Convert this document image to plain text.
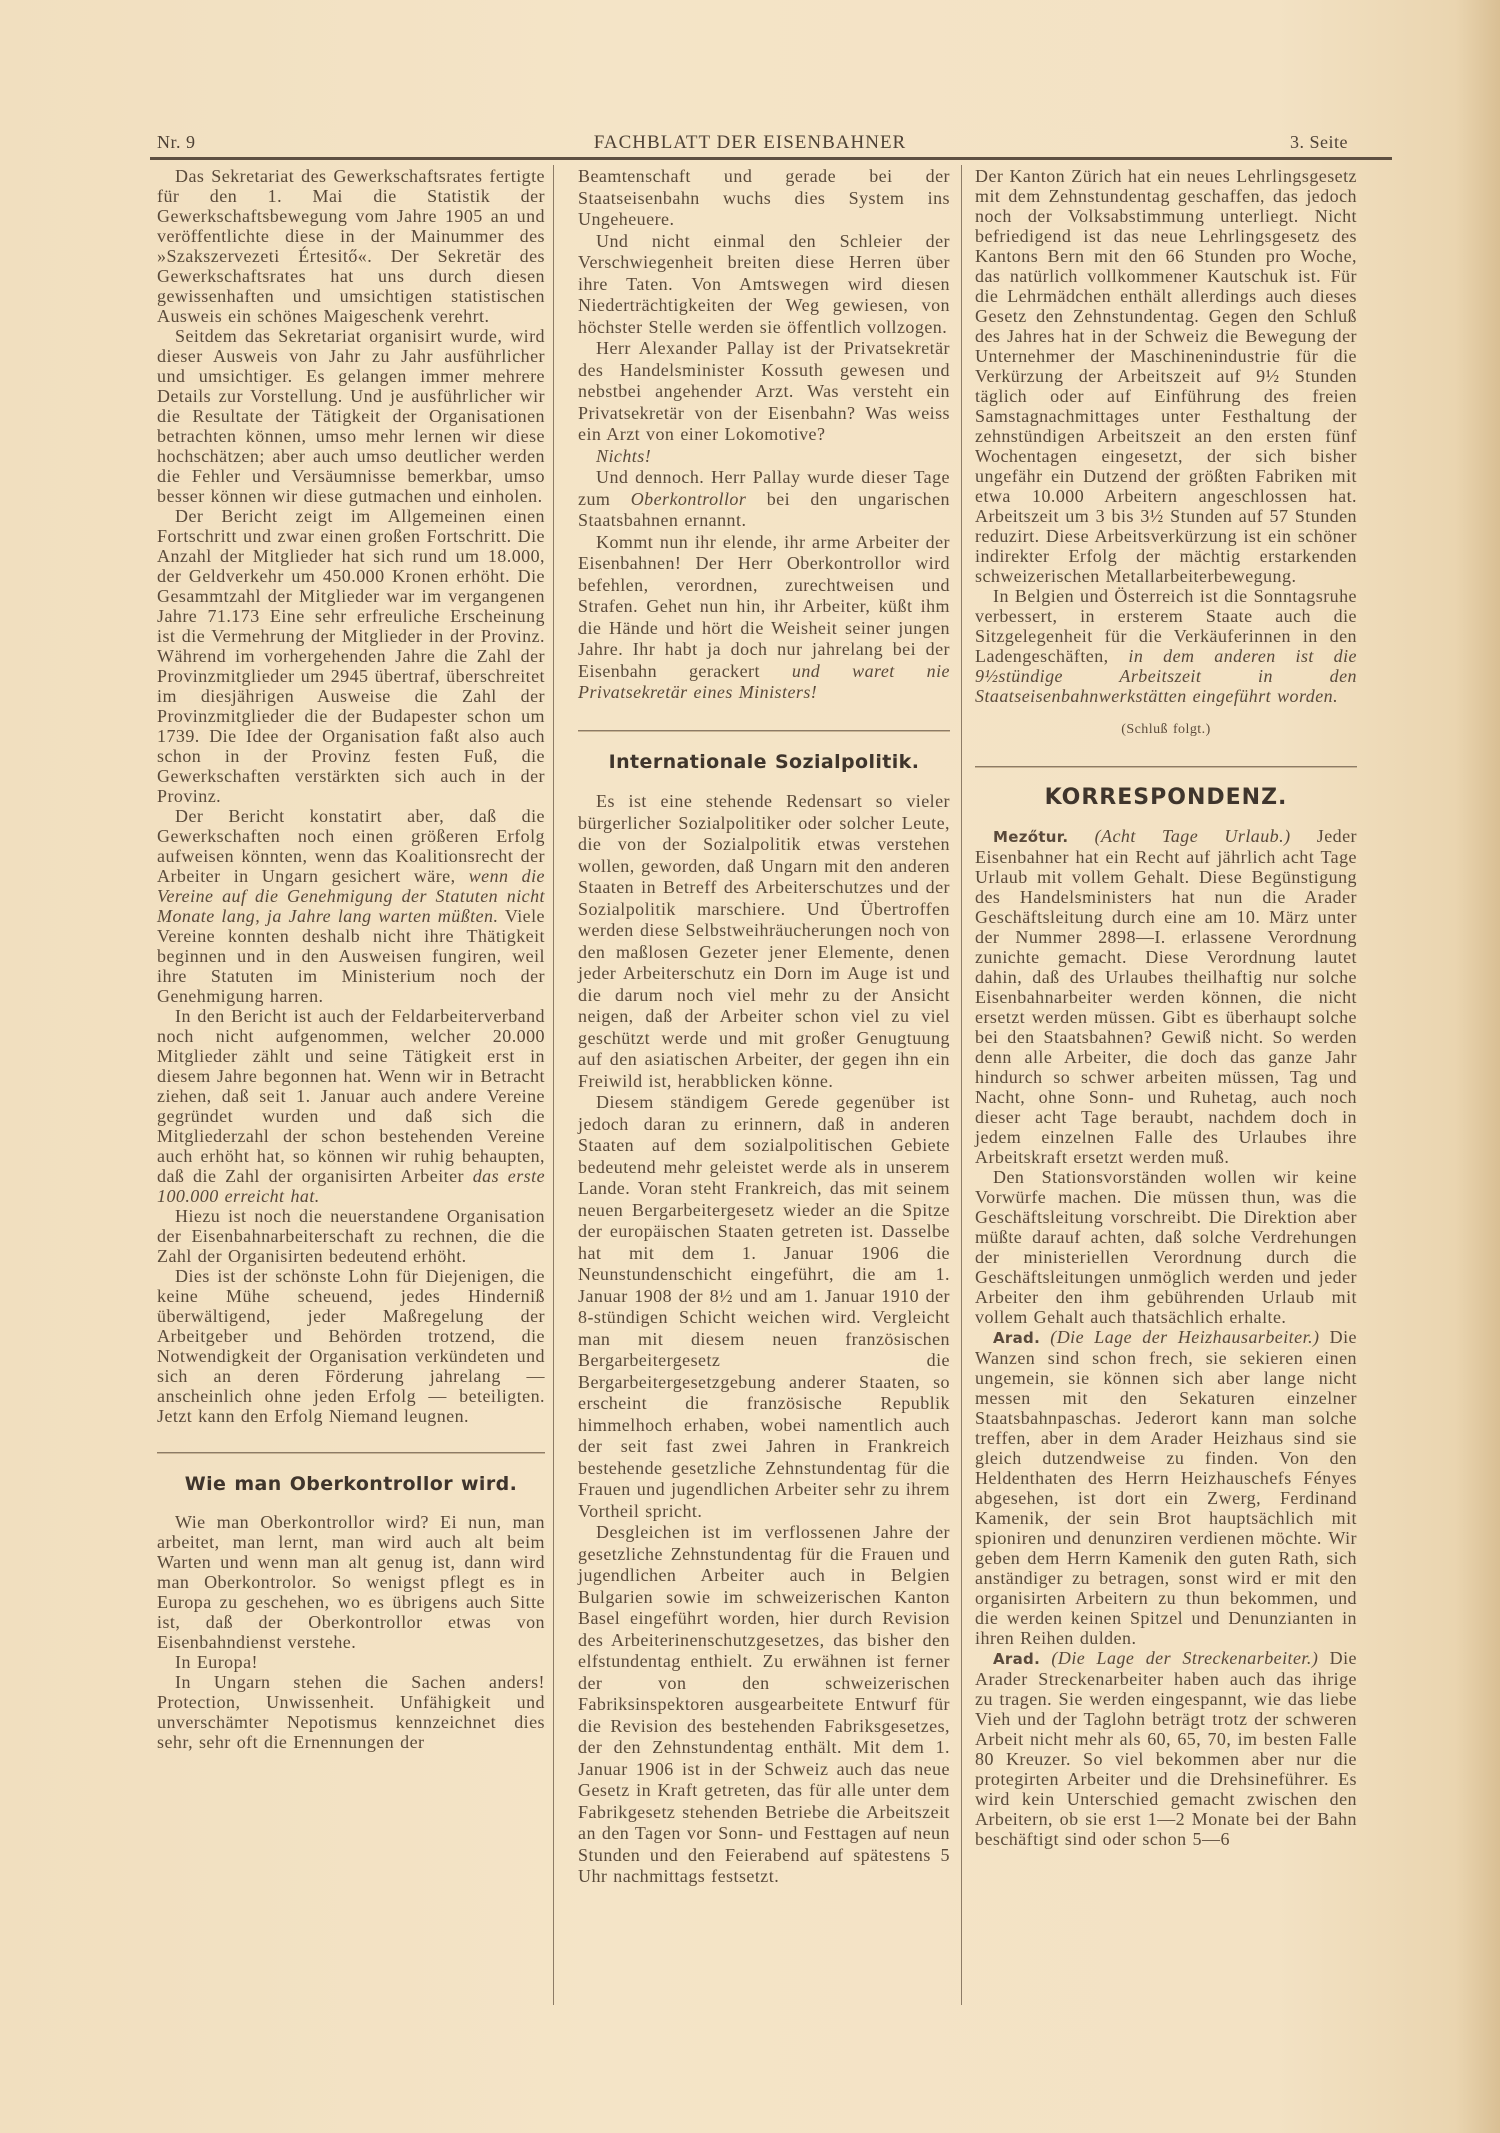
Nr. 9	FACHBLATT DER EISENBAHNER	3. Seite

Das Sekretariat des Gewerkschaftsrates fertigte für den 1. Mai die Statistik der Gewerkschaftsbewegung vom Jahre 1905 an und veröffentlichte diese in der Mainummer des »Szakszervezeti Értesitő«. Der Sekretär des Gewerkschaftsrates hat uns durch diesen gewissenhaften und umsichtigen statistischen Ausweis ein schönes Maigeschenk verehrt.

Seitdem das Sekretariat organisirt wurde, wird dieser Ausweis von Jahr zu Jahr ausführlicher und umsichtiger. Es gelangen immer mehrere Details zur Vorstellung. Und je ausführlicher wir die Resultate der Tätigkeit der Organisationen betrachten können, umso mehr lernen wir diese hochschätzen; aber auch umso deutlicher werden die Fehler und Versäumnisse bemerkbar, umso besser können wir diese gutmachen und einholen.

Der Bericht zeigt im Allgemeinen einen Fortschritt und zwar einen großen Fortschritt. Die Anzahl der Mitglieder hat sich rund um 18.000, der Geldverkehr um 450.000 Kronen erhöht. Die Gesammtzahl der Mitglieder war im vergangenen Jahre 71.173 Eine sehr erfreuliche Erscheinung ist die Vermehrung der Mitglieder in der Provinz. Während im vorhergehenden Jahre die Zahl der Provinzmitglieder um 2945 übertraf, überschreitet im diesjährigen Ausweise die Zahl der Provinzmitglieder die der Budapester schon um 1739. Die Idee der Organisation faßt also auch schon in der Provinz festen Fuß, die Gewerkschaften verstärkten sich auch in der Provinz.

Der Bericht konstatirt aber, daß die Gewerkschaften noch einen größeren Erfolg aufweisen könnten, wenn das Koalitionsrecht der Arbeiter in Ungarn gesichert wäre, wenn die Vereine auf die Genehmigung der Statuten nicht Monate lang, ja Jahre lang warten müßten. Viele Vereine konnten deshalb nicht ihre Thätigkeit beginnen und in den Ausweisen fungiren, weil ihre Statuten im Ministerium noch der Genehmigung harren.

In den Bericht ist auch der Feldarbeiterverband noch nicht aufgenommen, welcher 20.000 Mitglieder zählt und seine Tätigkeit erst in diesem Jahre begonnen hat. Wenn wir in Betracht ziehen, daß seit 1. Januar auch andere Vereine gegründet wurden und daß sich die Mitgliederzahl der schon bestehenden Vereine auch erhöht hat, so können wir ruhig behaupten, daß die Zahl der organisirten Arbeiter das erste 100.000 erreicht hat.

Hiezu ist noch die neuerstandene Organisation der Eisenbahnarbeiterschaft zu rechnen, die die Zahl der Organisirten bedeutend erhöht.

Dies ist der schönste Lohn für Diejenigen, die keine Mühe scheuend, jedes Hinderniß überwältigend, jeder Maßregelung der Arbeitgeber und Behörden trotzend, die Notwendigkeit der Organisation verkündeten und sich an deren Förderung jahrelang — anscheinlich ohne jeden Erfolg — beteiligten. Jetzt kann den Erfolg Niemand leugnen.

Wie man Oberkontrollor wird.

Wie man Oberkontrollor wird? Ei nun, man arbeitet, man lernt, man wird auch alt beim Warten und wenn man alt genug ist, dann wird man Oberkontrolor. So wenigst pflegt es in Europa zu geschehen, wo es übrigens auch Sitte ist, daß der Oberkontrollor etwas von Eisenbahndienst verstehe.

In Europa!

In Ungarn stehen die Sachen anders! Protection, Unwissenheit. Unfähigkeit und unverschämter Nepotismus kennzeichnet dies sehr, sehr oft die Ernennungen der

Beamtenschaft und gerade bei der Staatseisenbahn wuchs dies System ins Ungeheuere.

Und nicht einmal den Schleier der Verschwiegenheit breiten diese Herren über ihre Taten. Von Amtswegen wird diesen Niederträchtigkeiten der Weg gewiesen, von höchster Stelle werden sie öffentlich vollzogen.

Herr Alexander Pallay ist der Privatsekretär des Handelsminister Kossuth gewesen und nebstbei angehender Arzt. Was versteht ein Privatsekretär von der Eisenbahn? Was weiss ein Arzt von einer Lokomotive?

Nichts!

Und dennoch. Herr Pallay wurde dieser Tage zum Oberkontrollor bei den ungarischen Staatsbahnen ernannt.

Kommt nun ihr elende, ihr arme Arbeiter der Eisenbahnen! Der Herr Oberkontrollor wird befehlen, verordnen, zurechtweisen und Strafen. Gehet nun hin, ihr Arbeiter, küßt ihm die Hände und hört die Weisheit seiner jungen Jahre. Ihr habt ja doch nur jahrelang bei der Eisenbahn gerackert und waret nie Privatsekretär eines Ministers!

Internationale Sozialpolitik.

Es ist eine stehende Redensart so vieler bürgerlicher Sozialpolitiker oder solcher Leute, die von der Sozialpolitik etwas verstehen wollen, geworden, daß Ungarn mit den anderen Staaten in Betreff des Arbeiterschutzes und der Sozialpolitik marschiere. Und Übertroffen werden diese Selbstweihräucherungen noch von den maßlosen Gezeter jener Elemente, denen jeder Arbeiterschutz ein Dorn im Auge ist und die darum noch viel mehr zu der Ansicht neigen, daß der Arbeiter schon viel zu viel geschützt werde und mit großer Genugtuung auf den asiatischen Arbeiter, der gegen ihn ein Freiwild ist, herabblicken könne.

Diesem ständigem Gerede gegenüber ist jedoch daran zu erinnern, daß in anderen Staaten auf dem sozialpolitischen Gebiete bedeutend mehr geleistet werde als in unserem Lande. Voran steht Frankreich, das mit seinem neuen Bergarbeitergesetz wieder an die Spitze der europäischen Staaten getreten ist. Dasselbe hat mit dem 1. Januar 1906 die Neunstundenschicht eingeführt, die am 1. Januar 1908 der 8½ und am 1. Januar 1910 der 8-stündigen Schicht weichen wird. Vergleicht man mit diesem neuen französischen Bergarbeitergesetz die Bergarbeitergesetzgebung anderer Staaten, so erscheint die französische Republik himmelhoch erhaben, wobei namentlich auch der seit fast zwei Jahren in Frankreich bestehende gesetzliche Zehnstundentag für die Frauen und jugendlichen Arbeiter sehr zu ihrem Vortheil spricht.

Desgleichen ist im verflossenen Jahre der gesetzliche Zehnstundentag für die Frauen und jugendlichen Arbeiter auch in Belgien Bulgarien sowie im schweizerischen Kanton Basel eingeführt worden, hier durch Revision des Arbeiterinenschutzgesetzes, das bisher den elfstundentag enthielt. Zu erwähnen ist ferner der von den schweizerischen Fabriksinspektoren ausgearbeitete Entwurf für die Revision des bestehenden Fabriksgesetzes, der den Zehnstundentag enthält. Mit dem 1. Januar 1906 ist in der Schweiz auch das neue Gesetz in Kraft getreten, das für alle unter dem Fabrikgesetz stehenden Betriebe die Arbeitszeit an den Tagen vor Sonn- und Festtagen auf neun Stunden und den Feierabend auf spätestens 5 Uhr nachmittags festsetzt.

Der Kanton Zürich hat ein neues Lehrlingsgesetz mit dem Zehnstundentag geschaffen, das jedoch noch der Volksabstimmung unterliegt. Nicht befriedigend ist das neue Lehrlingsgesetz des Kantons Bern mit den 66 Stunden pro Woche, das natürlich vollkommener Kautschuk ist. Für die Lehrmädchen enthält allerdings auch dieses Gesetz den Zehnstundentag. Gegen den Schluß des Jahres hat in der Schweiz die Bewegung der Unternehmer der Maschinenindustrie für die Verkürzung der Arbeitszeit auf 9½ Stunden täglich oder auf Einführung des freien Samstagnachmittages unter Festhaltung der zehnstündigen Arbeitszeit an den ersten fünf Wochentagen eingesetzt, der sich bisher ungefähr ein Dutzend der größten Fabriken mit etwa 10.000 Arbeitern angeschlossen hat. Arbeitszeit um 3 bis 3½ Stunden auf 57 Stunden reduzirt. Diese Arbeitsverkürzung ist ein schöner indirekter Erfolg der mächtig erstarkenden schweizerischen Metallarbeiterbewegung.

In Belgien und Österreich ist die Sonntagsruhe verbessert, in ersterem Staate auch die Sitzgelegenheit für die Verkäuferinnen in den Ladengeschäften, in dem anderen ist die 9½stündige Arbeitszeit in den Staatseisenbahnwerkstätten eingeführt worden.

(Schluß folgt.)

KORRESPONDENZ.

Mezőtur. (Acht Tage Urlaub.) Jeder Eisenbahner hat ein Recht auf jährlich acht Tage Urlaub mit vollem Gehalt. Diese Begünstigung des Handelsministers hat nun die Arader Geschäftsleitung durch eine am 10. März unter der Nummer 2898—I. erlassene Verordnung zunichte gemacht. Diese Verordnung lautet dahin, daß des Urlaubes theilhaftig nur solche Eisenbahnarbeiter werden können, die nicht ersetzt werden müssen. Gibt es überhaupt solche bei den Staatsbahnen? Gewiß nicht. So werden denn alle Arbeiter, die doch das ganze Jahr hindurch so schwer arbeiten müssen, Tag und Nacht, ohne Sonn- und Ruhetag, auch noch dieser acht Tage beraubt, nachdem doch in jedem einzelnen Falle des Urlaubes ihre Arbeitskraft ersetzt werden muß.

Den Stationsvorständen wollen wir keine Vorwürfe machen. Die müssen thun, was die Geschäftsleitung vorschreibt. Die Direktion aber müßte darauf achten, daß solche Verdrehungen der ministeriellen Verordnung durch die Geschäftsleitungen unmöglich werden und jeder Arbeiter den ihm gebührenden Urlaub mit vollem Gehalt auch thatsächlich erhalte.

Arad. (Die Lage der Heizhausarbeiter.) Die Wanzen sind schon frech, sie sekieren einen ungemein, sie können sich aber lange nicht messen mit den Sekaturen einzelner Staatsbahnpaschas. Jederort kann man solche treffen, aber in dem Arader Heizhaus sind sie gleich dutzendweise zu finden. Von den Heldenthaten des Herrn Heizhauschefs Fényes abgesehen, ist dort ein Zwerg, Ferdinand Kamenik, der sein Brot hauptsächlich mit spioniren und denunziren verdienen möchte. Wir geben dem Herrn Kamenik den guten Rath, sich anständiger zu betragen, sonst wird er mit den organisirten Arbeitern zu thun bekommen, und die werden keinen Spitzel und Denunzianten in ihren Reihen dulden.

Arad. (Die Lage der Streckenarbeiter.) Die Arader Streckenarbeiter haben auch das ihrige zu tragen. Sie werden eingespannt, wie das liebe Vieh und der Taglohn beträgt trotz der schweren Arbeit nicht mehr als 60, 65, 70, im besten Falle 80 Kreuzer. So viel bekommen aber nur die protegirten Arbeiter und die Drehsineführer. Es wird kein Unterschied gemacht zwischen den Arbeitern, ob sie erst 1—2 Monate bei der Bahn beschäftigt sind oder schon 5—6
